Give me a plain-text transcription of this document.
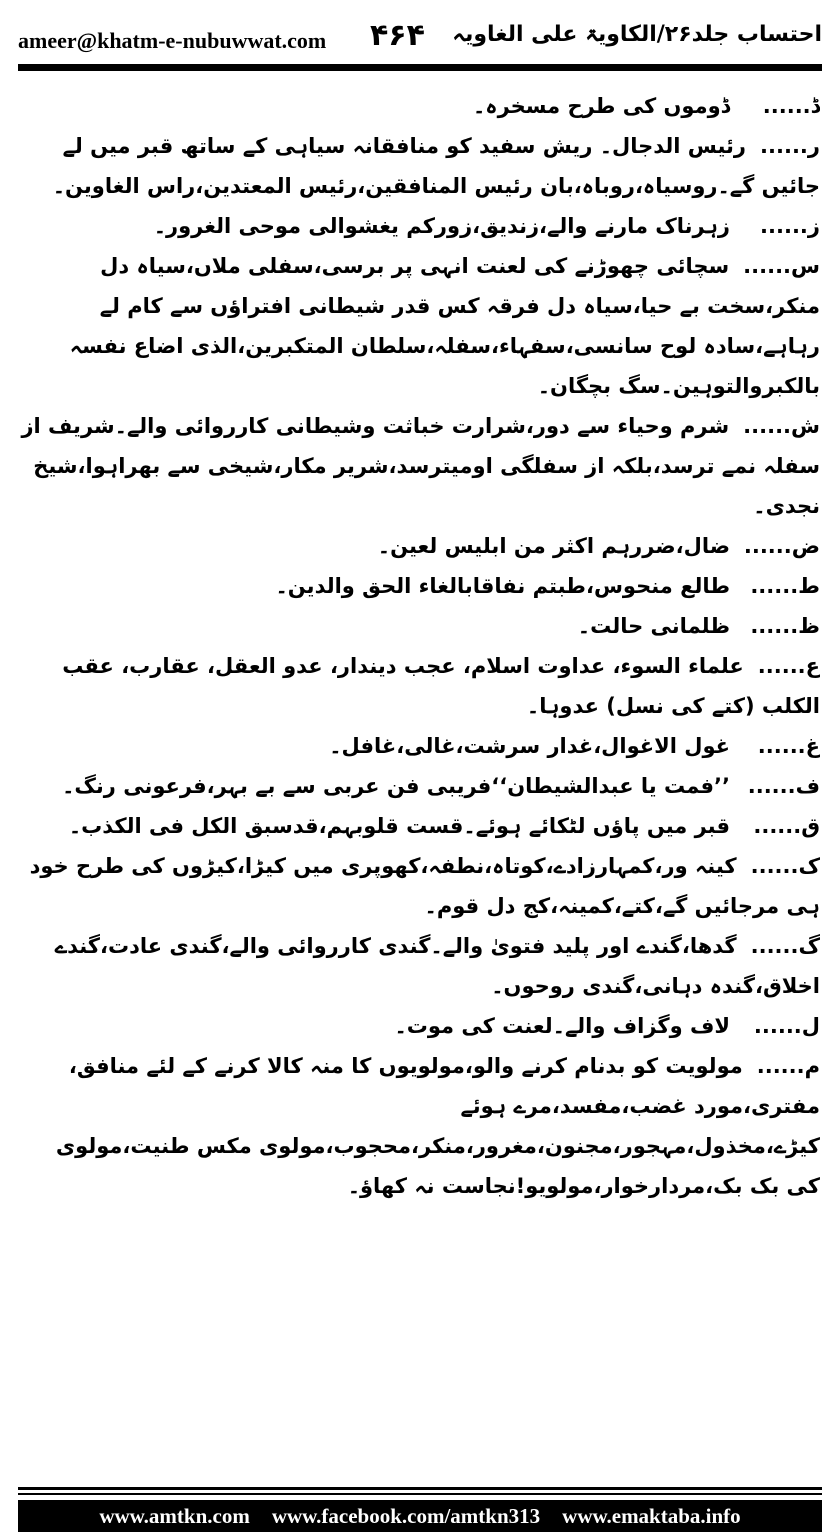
ameer@khatm-e-nubuwwat.com ۴۶۴ احتساب جلد۲۶/الکاویۃ علی الغاویہ

ڈ......ڈوموں کی طرح مسخرہ۔

ر......رئیس الدجال۔ ریش سفید کو منافقانہ سیاہی کے ساتھ قبر میں لے جائیں گے۔روسیاہ،روباہ،بان رئیس المنافقین،رئیس المعتدین،راس الغاوین۔

ز......زہرناک مارنے والے،زندیق،زورکم یغشوالی موحی الغرور۔

س......سچائی چھوڑنے کی لعنت انہی پر برسی،سفلی ملاں،سیاہ دل منکر،سخت بے حیا،سیاہ دل فرقہ کس قدر شیطانی افتراؤں سے کام لے رہاہے،سادہ لوح سانسی،سفہاء،سفلہ،سلطان المتکبرین،الذی اضاع نفسہ بالکبروالتوہین۔سگ بچگان۔

ش......شرم وحیاء سے دور،شرارت خباثت وشیطانی کارروائی والے۔شریف از سفلہ نمے ترسد،بلکہ از سفلگی اومیترسد،شریر مکار،شیخی سے بھراہوا،شیخ نجدی۔

ض......ضال،ضررہم اکثر من ابلیس لعین۔

ط......طالع منحوس،طبتم نفاقابالغاء الحق والدین۔

ظ......ظلمانی حالت۔

ع......علماء السوء، عداوت اسلام، عجب دیندار، عدو العقل، عقارب، عقب الکلب (کتے کی نسل) عدوہا۔

غ......غول الاغوال،غدار سرشت،غالی،غافل۔

ف......’’فمت یا عبدالشیطان‘‘فریبی فن عربی سے بے بہر،فرعونی رنگ۔

ق......قبر میں پاؤں لٹکائے ہوئے۔قست قلوبہم،قدسبق الکل فی الکذب۔

ک......کینہ ور،کمہارزادے،کوتاہ،نطفہ،کھوپری میں کیڑا،کیڑوں کی طرح خود ہی مرجائیں گے،کتے،کمینہ،کج دل قوم۔

گ......گدھا،گندے اور پلید فتویٰ والے۔گندی کارروائی والے،گندی عادت،گندے اخلاق،گندہ دہانی،گندی روحوں۔

ل......لاف وگزاف والے۔لعنت کی موت۔

م......مولویت کو بدنام کرنے والو،مولویوں کا منہ کالا کرنے کے لئے منافق، مفتری،مورد غضب،مفسد،مرے ہوئے کیڑے،مخذول،مہجور،مجنون،مغرور،منکر،محجوب،مولوی مکس طنیت،مولوی کی بک بک،مردارخوار،مولویو!نجاست نہ کھاؤ۔

www.amtkn.com www.facebook.com/amtkn313 www.emaktaba.info
